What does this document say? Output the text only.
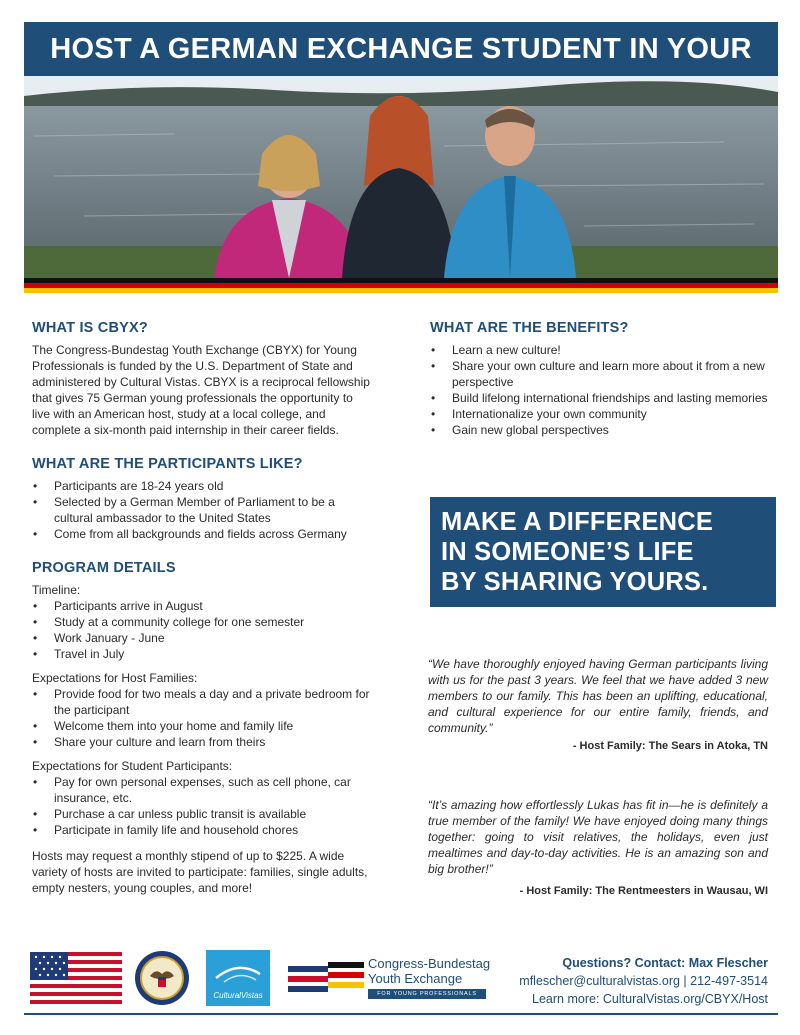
HOST A GERMAN EXCHANGE STUDENT IN YOUR
WHAT IS CBYX?

The Congress-Bundestag Youth Exchange (CBYX) for Young Professionals is funded by the U.S. Department of State and administered by Cultural Vistas. CBYX is a reciprocal fellowship that gives 75 German young professionals the opportunity to live with an American host, study at a local college, and complete a six-month paid internship in their career fields.

WHAT ARE THE PARTICIPANTS LIKE?
• Participants are 18-24 years old
• Selected by a German Member of Parliament to be a cultural ambassador to the United States
• Come from all backgrounds and fields across Germany
PROGRAM DETAILS
Timeline:
• Participants arrive in August
• Study at a community college for one semester
• Work January - June
• Travel in July
Expectations for Host Families:
• Provide food for two meals a day and a private bedroom for the participant
• Welcome them into your home and family life
• Share your culture and learn from theirs
Expectations for Student Participants:
• Pay for own personal expenses, such as cell phone, car insurance, etc.
• Purchase a car unless public transit is available
• Participate in family life and household chores

Hosts may request a monthly stipend of up to $225. A wide variety of hosts are invited to participate: families, single adults, empty nesters, young couples, and more!

WHAT ARE THE BENEFITS?
• Learn a new culture!
• Share your own culture and learn more about it from a new perspective
• Build lifelong international friendships and lasting memories
• Internationalize your own community
• Gain new global perspectives
MAKE A DIFFERENCE
IN SOMEONE’S LIFE
BY SHARING YOURS.
“We have thoroughly enjoyed having German participants living with us for the past 3 years. We feel that we have added 3 new members to our family. This has been an uplifting, educational, and cultural experience for our entire family, friends, and community.”
- Host Family: The Sears in Atoka, TN
“It’s amazing how effortlessly Lukas has fit in—he is definitely a true member of the family! We have enjoyed doing many things together: going to visit relatives, the holidays, even just mealtimes and day-to-day activities. He is an amazing son and big brother!”
- Host Family: The Rentmeesters in Wausau, WI
CulturalVistas
Congress-Bundestag
Youth Exchange
FOR YOUNG PROFESSIONALS
Questions? Contact: Max Flescher
mflescher@culturalvistas.org | 212-497-3514
Learn more: CulturalVistas.org/CBYX/Host
